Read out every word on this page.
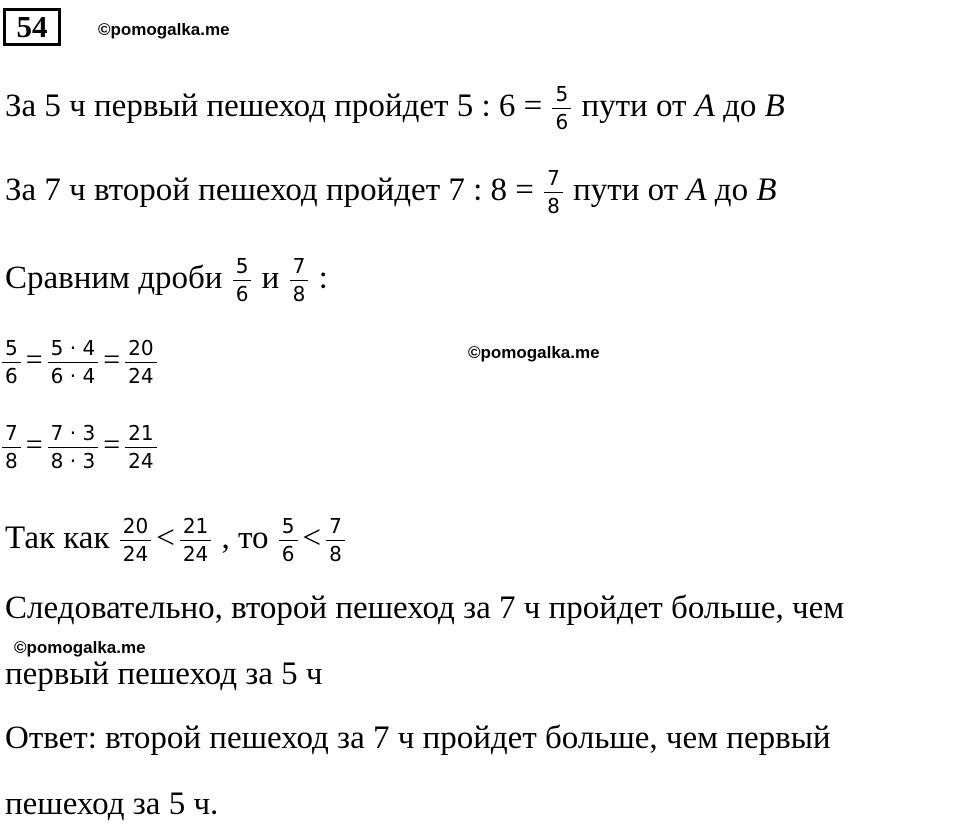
54	©pomogalka.me
За 5 ч первый пешеход пройдет 5 : $6 = \frac{5}{6}$ пути от A до B
За 7 ч второй пешеход пройдет 7 : $8 = \frac{7}{8}$ пути от A до B
Сравним дроби $\frac{5}{6}$ и $\frac{7}{8}$ :
$\frac{5}{6} = \frac{5 \cdot 4}{6 \cdot 4} = \frac{20}{24}$	©pomogalka.me
$\frac{7}{8} = \frac{7 \cdot 3}{8 \cdot 3} = \frac{21}{24}$
Так как $\frac{20}{24} < \frac{21}{24}$ , то $\frac{5}{6} < \frac{7}{8}$
Следовательно, второй пешеход за 7 ч пройдет больше, чем
©pomogalka.me
первый пешеход за 5 ч
Ответ: второй пешеход за 7 ч пройдет больше, чем первый
пешеход за 5 ч.
